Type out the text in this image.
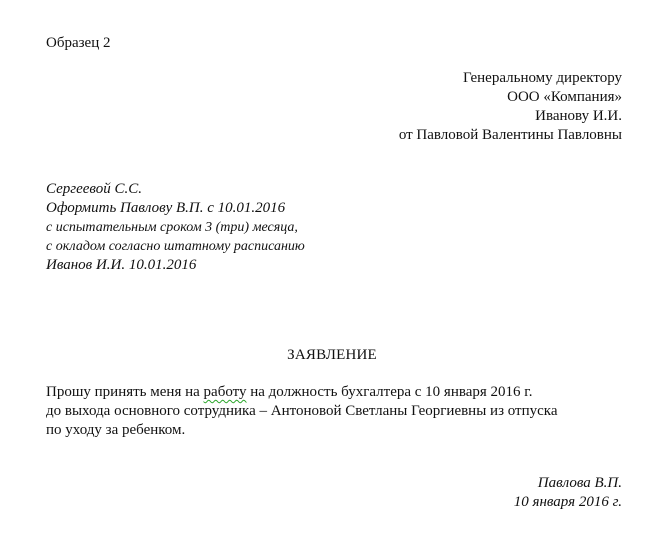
Образец 2
Генеральному директору
ООО «Компания»
Иванову И.И.
от Павловой Валентины Павловны
Сергеевой С.С.
Оформить Павлову В.П. с 10.01.2016
с испытательным сроком 3 (три) месяца,
с окладом согласно штатному расписанию
Иванов И.И. 10.01.2016
ЗАЯВЛЕНИЕ
Прошу принять меня на работу на должность бухгалтера с 10 января 2016 г.
до выхода основного сотрудника – Антоновой Светланы Георгиевны из отпуска
по уходу за ребенком.
Павлова В.П.
10 января 2016 г.
